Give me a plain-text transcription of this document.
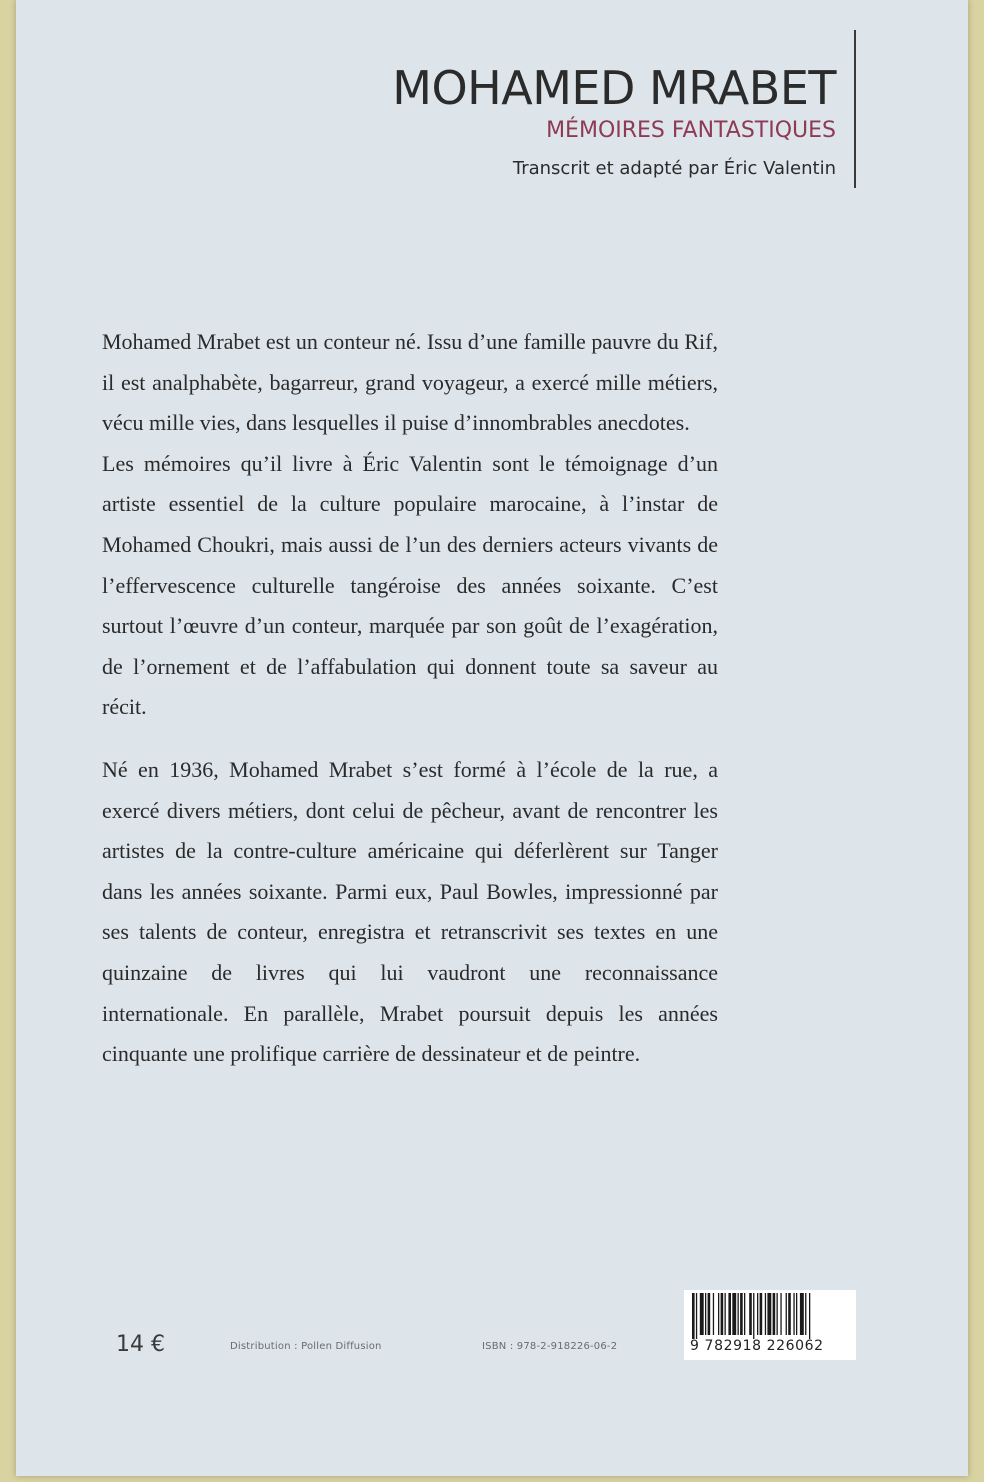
MOHAMED MRABET
MÉMOIRES FANTASTIQUES
Transcrit et adapté par Éric Valentin

Mohamed Mrabet est un conteur né. Issu d’une famille pauvre du Rif, il est analphabète, bagarreur, grand voyageur, a exercé mille métiers, vécu mille vies, dans lesquelles il puise d’innombrables anecdotes.

Les mémoires qu’il livre à Éric Valentin sont le témoignage d’un artiste essentiel de la culture populaire marocaine, à l’instar de Mohamed Choukri, mais aussi de l’un des derniers acteurs vivants de l’effervescence culturelle tangéroise des années soixante. C’est surtout l’œuvre d’un conteur, marquée par son goût de l’exagération, de l’ornement et de l’affabulation qui donnent toute sa saveur au récit.

Né en 1936, Mohamed Mrabet s’est formé à l’école de la rue, a exercé divers métiers, dont celui de pêcheur, avant de rencontrer les artistes de la contre-culture américaine qui déferlèrent sur Tanger dans les années soixante. Parmi eux, Paul Bowles, impressionné par ses talents de conteur, enregistra et retranscrivit ses textes en une quinzaine de livres qui lui vaudront une reconnaissance internationale. En parallèle, Mrabet poursuit depuis les années cinquante une prolifique carrière de dessinateur et de peintre.

14 €	Distribution : Pollen Diffusion	ISBN : 978-2-918226-06-2	9 782918 226062
